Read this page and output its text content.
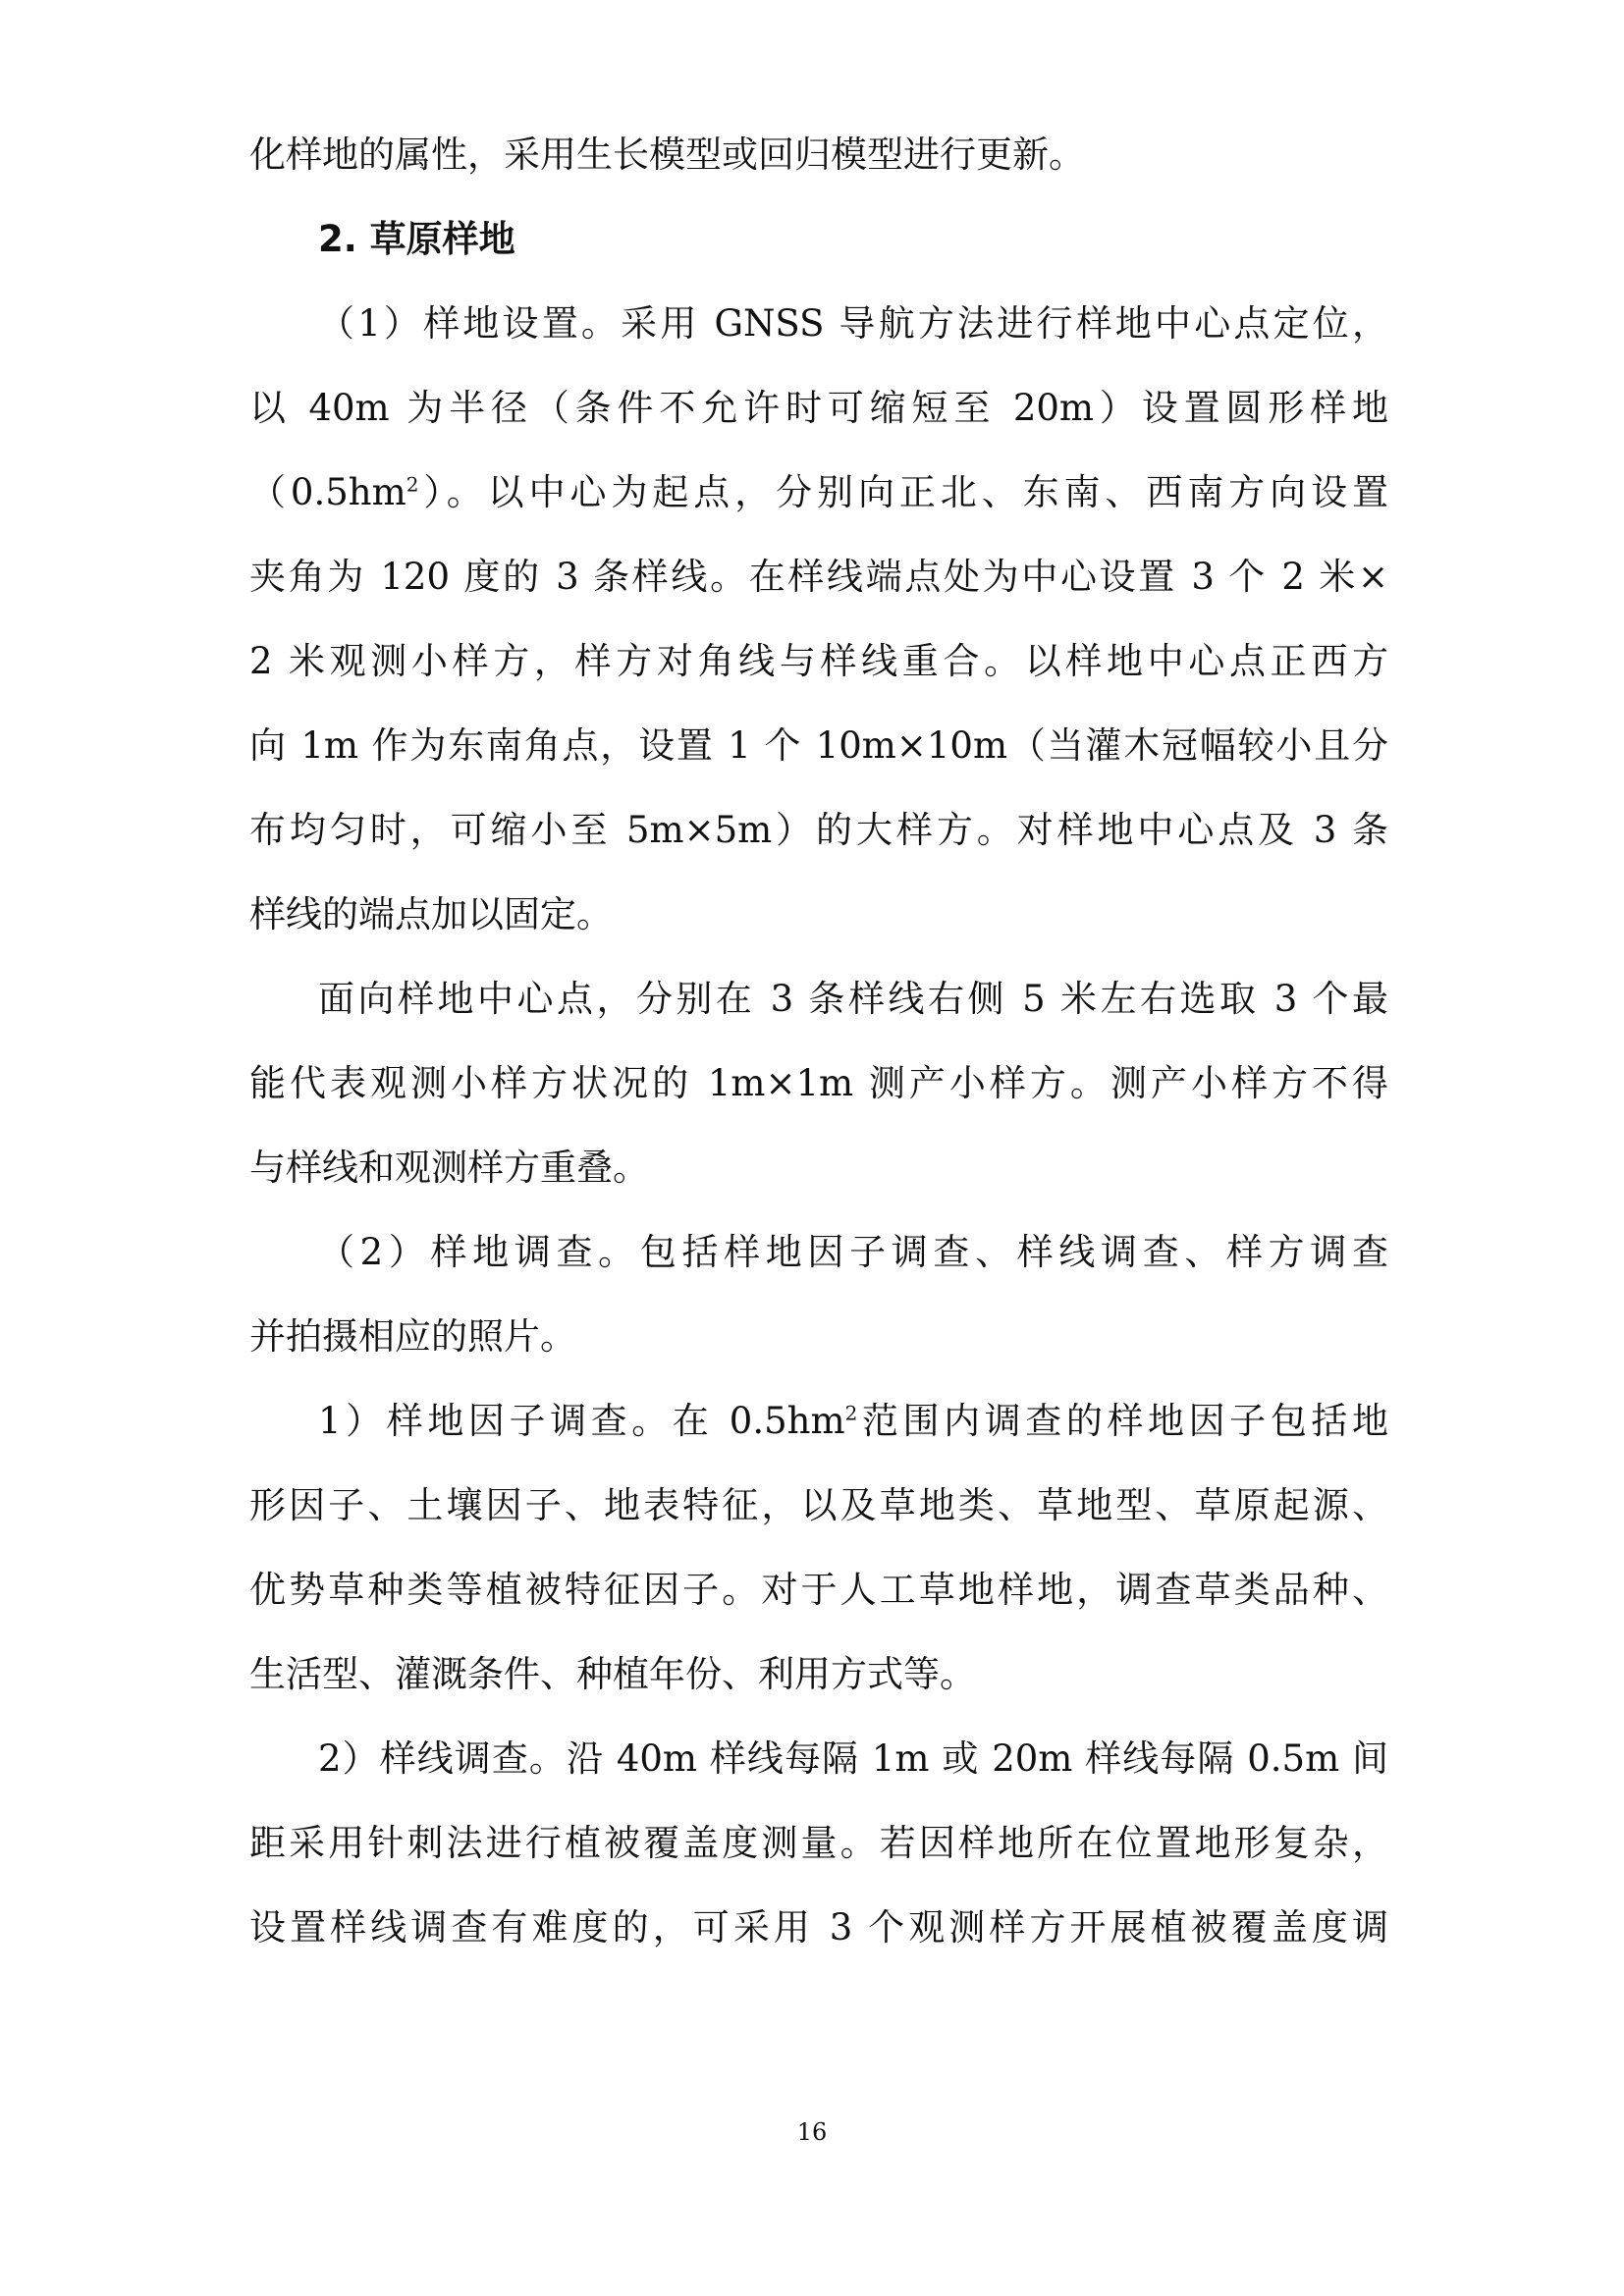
化样地的属性，采用生长模型或回归模型进行更新。
2. 草原样地
（1）样地设置。采用 GNSS 导航方法进行样地中心点定位，
以 40m 为半径（条件不允许时可缩短至 20m）设置圆形样地
$(0.5hm^2)$。以中心为起点，分别向正北、东南、西南方向设置
夹角为 120 度的 3 条样线。在样线端点处为中心设置 3 个 2 米×
2 米观测小样方，样方对角线与样线重合。以样地中心点正西方
向 1m 作为东南角点，设置 1 个 10m×10m（当灌木冠幅较小且分
布均匀时，可缩小至 5m×5m）的大样方。对样地中心点及 3 条
样线的端点加以固定。
面向样地中心点，分别在 3 条样线右侧 5 米左右选取 3 个最
能代表观测小样方状况的 1m×1m 测产小样方。测产小样方不得
与样线和观测样方重叠。
（2）样地调查。包括样地因子调查、样线调查、样方调查
并拍摄相应的照片。
1）样地因子调查。在 $0.5hm^2$范围内调查的样地因子包括地
形因子、土壤因子、地表特征，以及草地类、草地型、草原起源、
优势草种类等植被特征因子。对于人工草地样地，调查草类品种、
生活型、灌溉条件、种植年份、利用方式等。
2）样线调查。沿 40m 样线每隔 1m 或 20m 样线每隔 0.5m 间
距采用针刺法进行植被覆盖度测量。若因样地所在位置地形复杂，
设置样线调查有难度的，可采用 3 个观测样方开展植被覆盖度调
16
